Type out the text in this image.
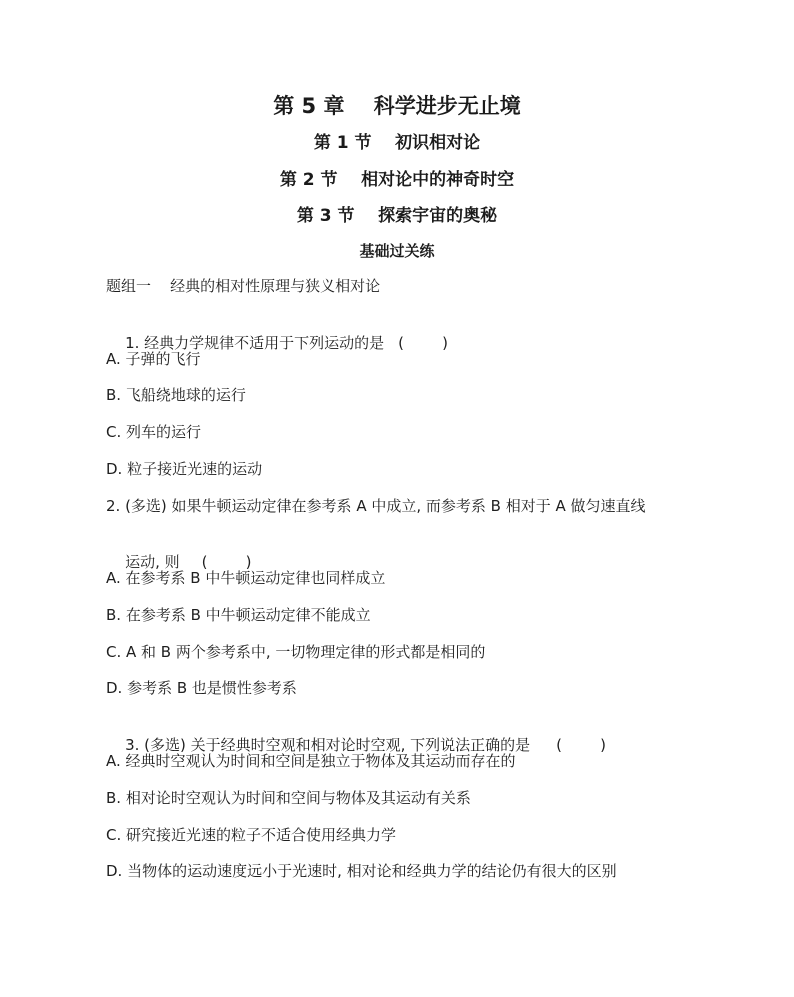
第 5 章    科学进步无止境
第 1 节    初识相对论
第 2 节    相对论中的神奇时空
第 3 节    探索宇宙的奥秘
基础过关练
题组一    经典的相对性原理与狭义相对论

1. 经典力学规律不适用于下列运动的是 (        )

A. 子弹的飞行
B. 飞船绕地球的运行
C. 列车的运行
D. 粒子接近光速的运动
2. (多选) 如果牛顿运动定律在参考系 A 中成立, 而参考系 B 相对于 A 做匀速直线

运动, 则 (        )

A. 在参考系 B 中牛顿运动定律也同样成立
B. 在参考系 B 中牛顿运动定律不能成立
C. A 和 B 两个参考系中, 一切物理定律的形式都是相同的
D. 参考系 B 也是惯性参考系

3. (多选) 关于经典时空观和相对论时空观, 下列说法正确的是 (        )

A. 经典时空观认为时间和空间是独立于物体及其运动而存在的
B. 相对论时空观认为时间和空间与物体及其运动有关系
C. 研究接近光速的粒子不适合使用经典力学
D. 当物体的运动速度远小于光速时, 相对论和经典力学的结论仍有很大的区别
